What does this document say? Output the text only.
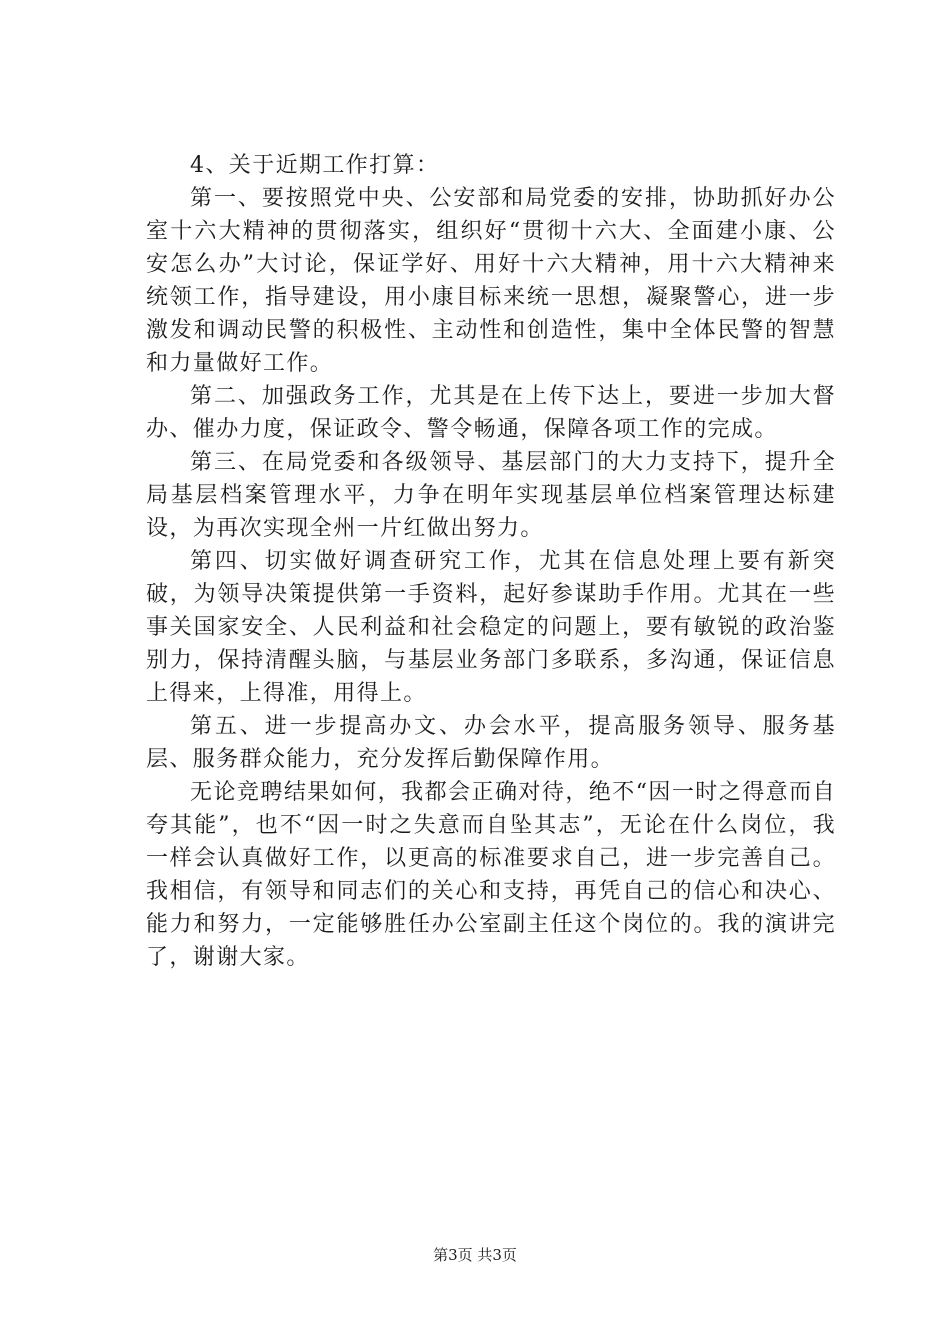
4、关于近期工作打算：

第一、要按照党中央、公安部和局党委的安排，协助抓好办公室十六大精神的贯彻落实，组织好“贯彻十六大、全面建小康、公安怎么办”大讨论，保证学好、用好十六大精神，用十六大精神来统领工作，指导建设，用小康目标来统一思想，凝聚警心，进一步激发和调动民警的积极性、主动性和创造性，集中全体民警的智慧和力量做好工作。

第二、加强政务工作，尤其是在上传下达上，要进一步加大督办、催办力度，保证政令、警令畅通，保障各项工作的完成。

第三、在局党委和各级领导、基层部门的大力支持下，提升全局基层档案管理水平，力争在明年实现基层单位档案管理达标建设，为再次实现全州一片红做出努力。

第四、切实做好调查研究工作，尤其在信息处理上要有新突破，为领导决策提供第一手资料，起好参谋助手作用。尤其在一些事关国家安全、人民利益和社会稳定的问题上，要有敏锐的政治鉴别力，保持清醒头脑，与基层业务部门多联系，多沟通，保证信息上得来，上得准，用得上。

第五、进一步提高办文、办会水平，提高服务领导、服务基层、服务群众能力，充分发挥后勤保障作用。

无论竞聘结果如何，我都会正确对待，绝不“因一时之得意而自夸其能”，也不“因一时之失意而自坠其志”，无论在什么岗位，我一样会认真做好工作，以更高的标准要求自己，进一步完善自己。我相信，有领导和同志们的关心和支持，再凭自己的信心和决心、能力和努力，一定能够胜任办公室副主任这个岗位的。我的演讲完了，谢谢大家。

第3页 共3页
